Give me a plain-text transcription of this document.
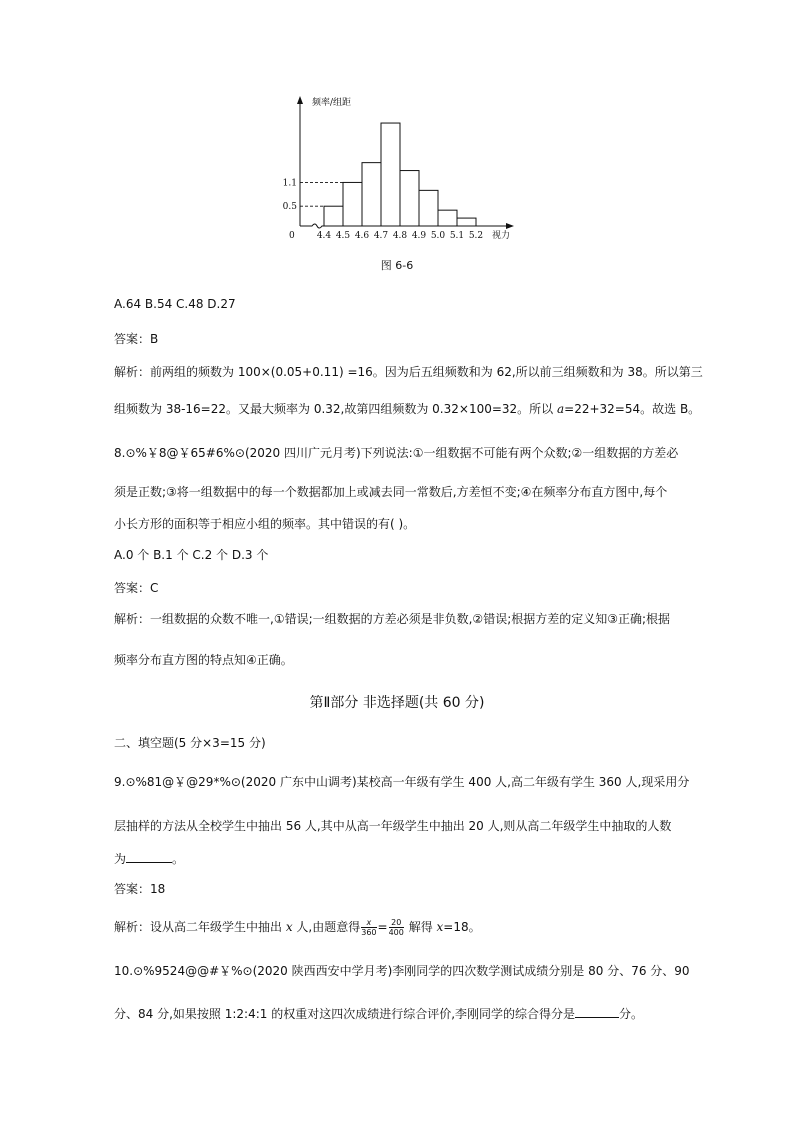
0.5
1.1
4.4 4.5 4.6 4.7 4.8 4.9 5.0 5.1 5.2
频率/组距
视力
0
图 6-6
A.64 B.54 C.48 D.27
答案：B
解析：前两组的频数为 100×(0.05+0.11) =16。因为后五组频数和为 62,所以前三组频数和为 38。所以第三
组频数为 38-16=22。又最大频率为 0.32,故第四组频数为 0.32×100=32。所以 a=22+32=54。故选 B。
8.⊙%￥8@￥65#6%⊙(2020 四川广元月考)下列说法:①一组数据不可能有两个众数;②一组数据的方差必
须是正数;③将一组数据中的每一个数据都加上或减去同一常数后,方差恒不变;④在频率分布直方图中,每个
小长方形的面积等于相应小组的频率。其中错误的有( )。
A.0 个 B.1 个 C.2 个 D.3 个
答案：C
解析：一组数据的众数不唯一,①错误;一组数据的方差必须是非负数,②错误;根据方差的定义知③正确;根据
频率分布直方图的特点知④正确。
第Ⅱ部分 非选择题(共 60 分)
二、填空题(5 分×3=15 分)
9.⊙%81@￥@29*%⊙(2020 广东中山调考)某校高一年级有学生 400 人,高二年级有学生 360 人,现采用分
层抽样的方法从全校学生中抽出 56 人,其中从高一年级学生中抽出 20 人,则从高二年级学生中抽取的人数
为	。
答案：18
解析：设从高二年级学生中抽出 x 人,由题意得 $\frac{x}{360} = \frac{20}{400}$ 解得 x=18。
10.⊙%9524@@#￥%⊙(2020 陕西西安中学月考)李刚同学的四次数学测试成绩分别是 80 分、76 分、90
分、84 分,如果按照 1:2:4:1 的权重对这四次成绩进行综合评价,李刚同学的综合得分是	分。
